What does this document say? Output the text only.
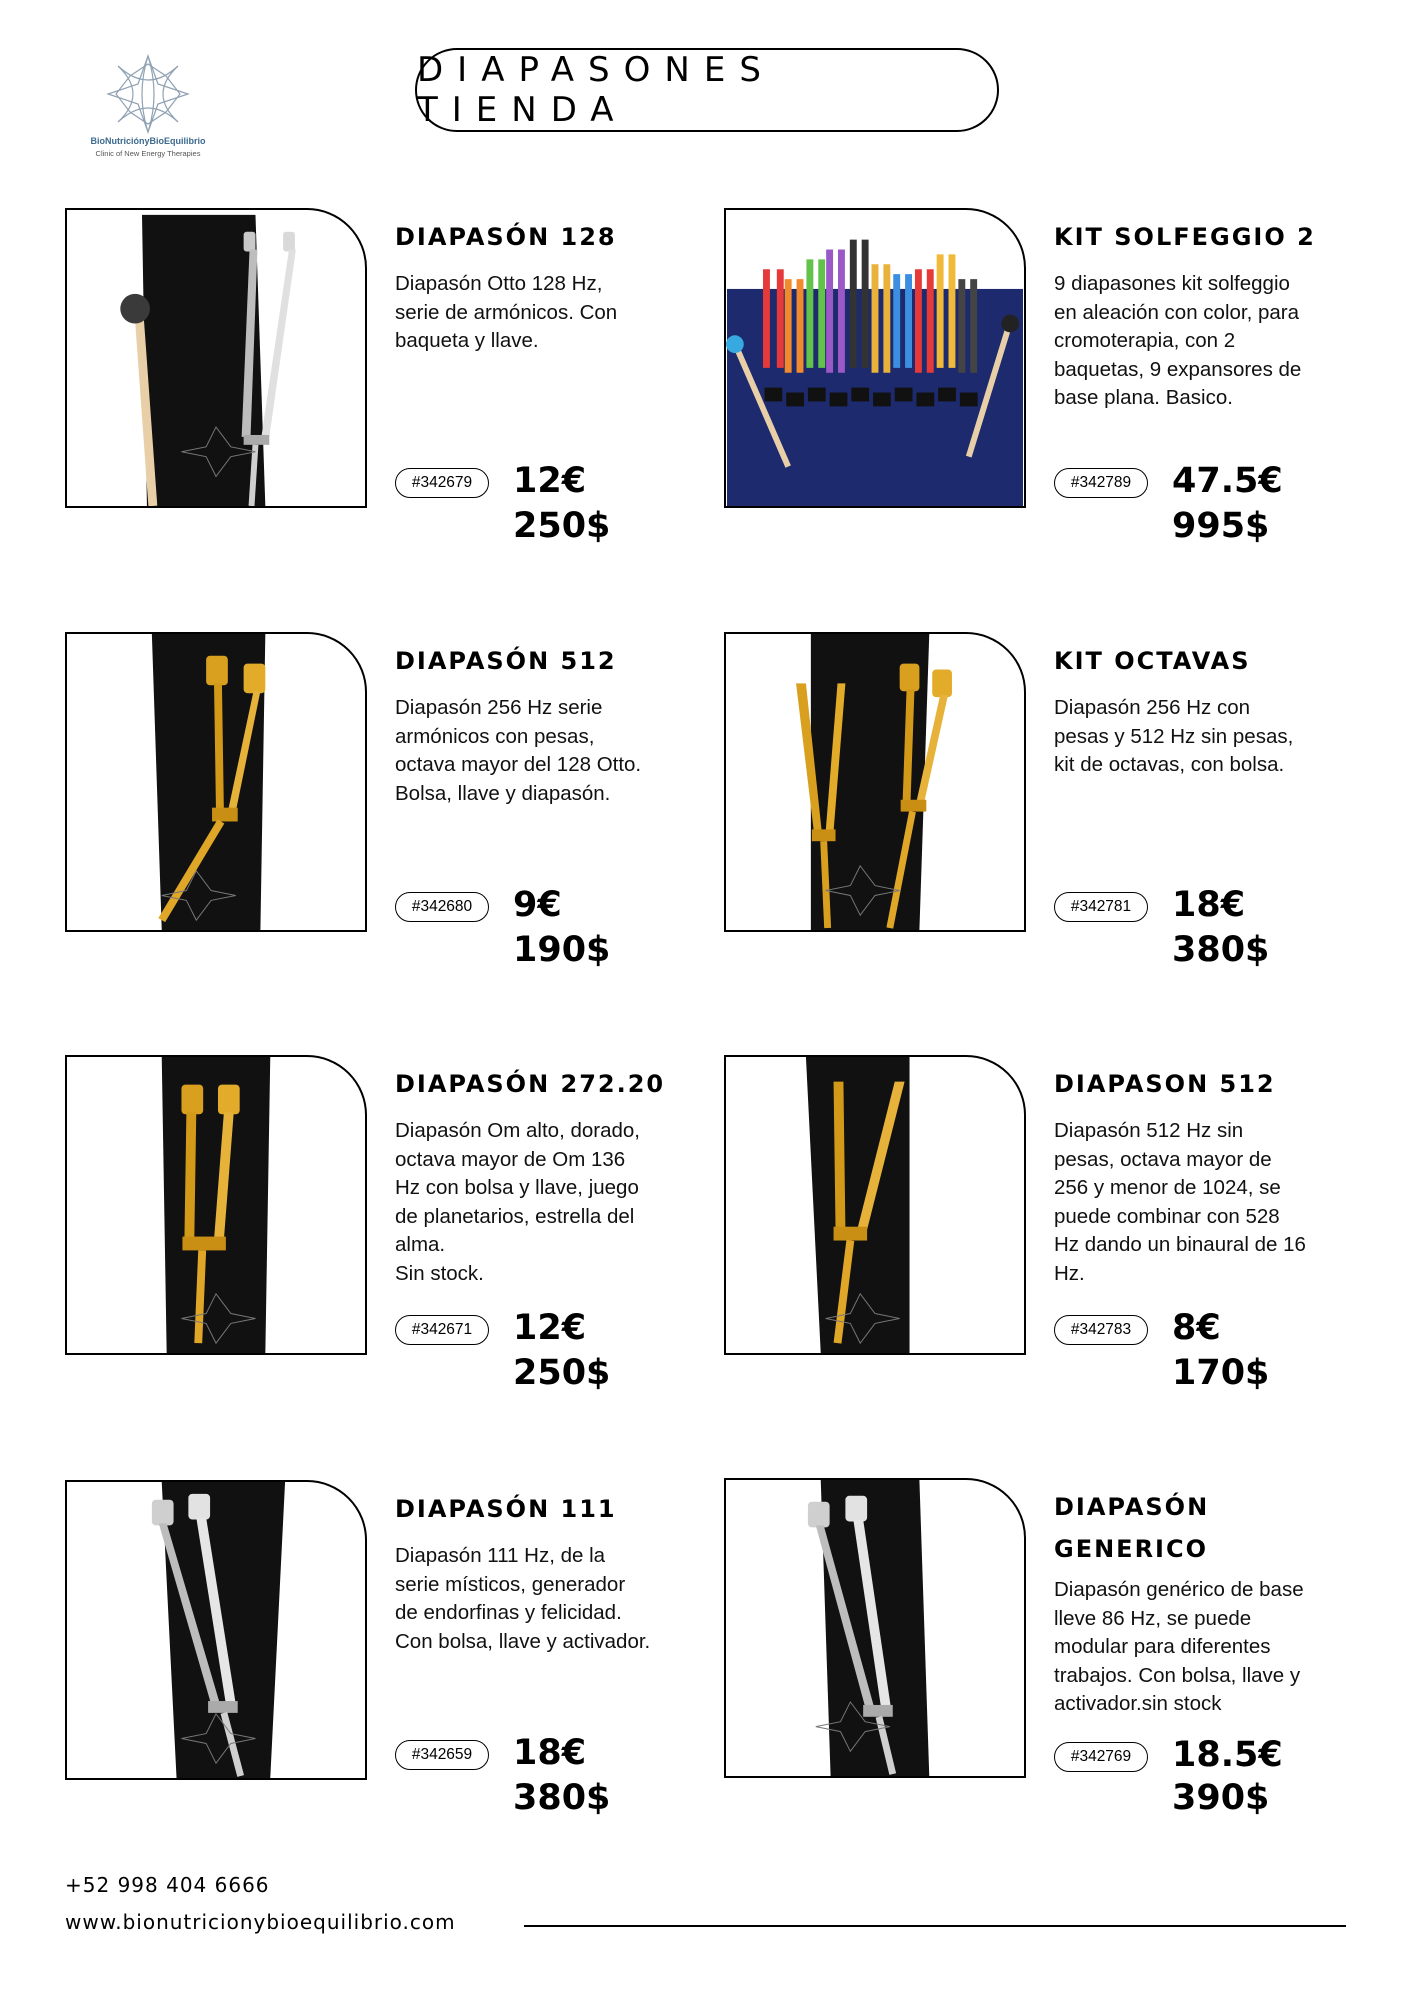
BioNutriciónyBioEquilibrio
Clinic of New Energy Therapies
DIAPASONES TIENDA
DIAPASÓN 128
Diapasón Otto 128 Hz,
serie de armónicos. Con
baqueta y llave.
#342679	12€
250$
KIT SOLFEGGIO 2
9 diapasones kit solfeggio
en aleación con color, para
cromoterapia, con 2
baquetas, 9 expansores de
base plana. Basico.
#342789	47.5€
995$
DIAPASÓN 512
Diapasón 256 Hz serie
armónicos con pesas,
octava mayor del 128 Otto.
Bolsa, llave y diapasón.
#342680	9€
190$
KIT OCTAVAS
Diapasón 256 Hz con
pesas y 512 Hz sin pesas,
kit de octavas, con bolsa.
#342781	18€
380$
DIAPASÓN 272.20
Diapasón Om alto, dorado,
octava mayor de Om 136
Hz con bolsa y llave, juego
de planetarios, estrella del
alma.
Sin stock.
#342671	12€
250$
DIAPASON 512
Diapasón 512 Hz sin
pesas, octava mayor de
256 y menor de 1024, se
puede combinar con 528
Hz dando un binaural de 16
Hz.
#342783	8€
170$
DIAPASÓN 111
Diapasón 111 Hz, de la
serie místicos, generador
de endorfinas y felicidad.
Con bolsa, llave y activador.
#342659	18€
380$
DIAPASÓN GENERICO
Diapasón genérico de base
lleve 86 Hz, se puede
modular para diferentes
trabajos. Con bolsa, llave y
activador.sin stock
#342769	18.5€
390$
+52 998 404 6666
www.bionutricionybioequilibrio.com
